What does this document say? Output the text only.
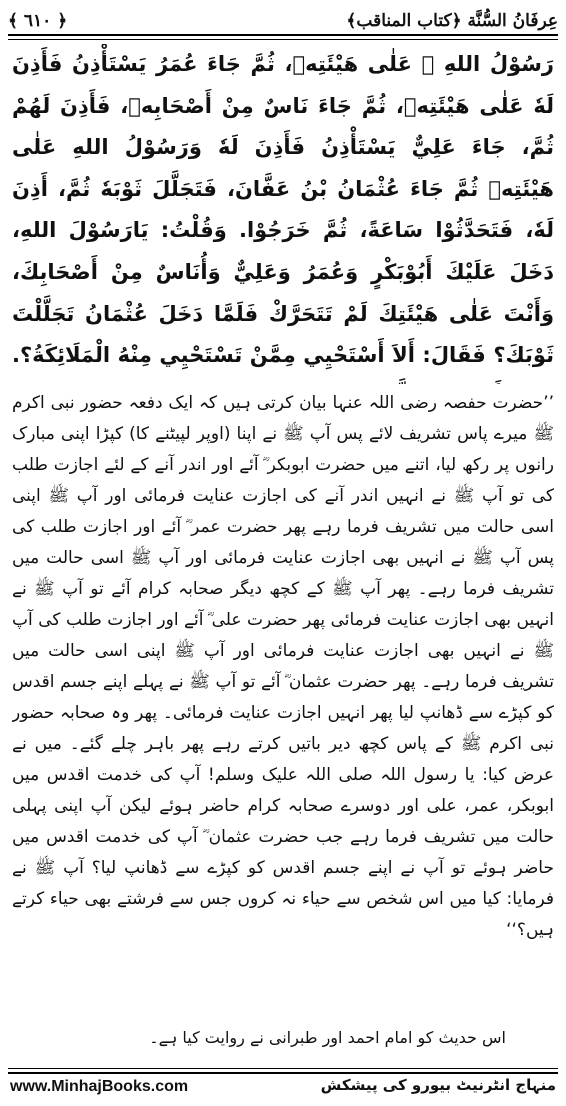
عِرفَانُ السُّنَّة ﴿كتاب المناقب﴾
﴾ ٦١٠ ﴿
رَسُوْلُ اللهِ ﷺ عَلٰى هَيْئَتِهٖ، ثُمَّ جَاءَ عُمَرُ يَسْتَأْذِنُ فَأَذِنَ لَهٗ عَلٰى هَيْئَتِهٖ، ثُمَّ جَاءَ نَاسٌ مِنْ أَصْحَابِهٖ، فَأَذِنَ لَهُمْ ثُمَّ، جَاءَ عَلِيٌّ يَسْتَأْذِنُ فَأَذِنَ لَهٗ وَرَسُوْلُ اللهِ عَلٰى هَيْئَتِهٖ ثُمَّ جَاءَ عُثْمَانُ بْنُ عَفَّانَ، فَتَجَلَّلَ ثَوْبَهٗ ثُمَّ، أَذِنَ لَهٗ، فَتَحَدَّثُوْا سَاعَةً، ثُمَّ خَرَجُوْا. وَقُلْتُ: يَارَسُوْلَ اللهِ، دَخَلَ عَلَيْكَ أَبُوْبَكْرٍ وَعُمَرُ وَعَلِيٌّ وَأُنَاسٌ مِنْ أَصْحَابِكَ، وَأَنْتَ عَلٰى هَيْئَتِكَ لَمْ تَتَحَرَّكْ فَلَمَّا دَخَلَ عُثْمَانُ تَجَلَّلْتَ ثَوْبَكَ؟ فَقَالَ: أَلاَ أَسْتَحْيِي مِمَّنْ تَسْتَحْيِي مِنْهُ الْمَلَائِكَةُ؟.
’’حضرت حفصہ رضی اللہ عنہا بیان کرتی ہیں کہ ایک دفعہ حضور نبی اکرم ﷺ میرے پاس تشریف لائے پس آپ ﷺ نے اپنا (اوپر لپیٹنے کا) کپڑا اپنی مبارک رانوں پر رکھ لیا، اتنے میں حضرت ابوبکر ؓ آئے اور اندر آنے کے لئے اجازت طلب کی تو آپ ﷺ نے انہیں اندر آنے کی اجازت عنایت فرمائی اور آپ ﷺ اپنی اسی حالت میں تشریف فرما رہے پھر حضرت عمر ؓ آئے اور اجازت طلب کی پس آپ ﷺ نے انہیں بھی اجازت عنایت فرمائی اور آپ ﷺ اسی حالت میں تشریف فرما رہے۔ پھر آپ ﷺ کے کچھ دیگر صحابہ کرام آئے تو آپ ﷺ نے انہیں بھی اجازت عنایت فرمائی پھر حضرت علی ؓ آئے اور اجازت طلب کی آپ ﷺ نے انہیں بھی اجازت عنایت فرمائی اور آپ ﷺ اپنی اسی حالت میں تشریف فرما رہے۔ پھر حضرت عثمان ؓ آئے تو آپ ﷺ نے پہلے اپنے جسم اقدس کو کپڑے سے ڈھانپ لیا پھر انہیں اجازت عنایت فرمائی۔ پھر وہ صحابہ حضور نبی اکرم ﷺ کے پاس کچھ دیر باتیں کرتے رہے پھر باہر چلے گئے۔ میں نے عرض کیا: یا رسول اللہ صلی اللہ علیک وسلم! آپ کی خدمت اقدس میں ابوبکر، عمر، علی اور دوسرے صحابہ کرام حاضر ہوئے لیکن آپ اپنی پہلی حالت میں تشریف فرما رہے جب حضرت عثمان ؓ آپ کی خدمت اقدس میں حاضر ہوئے تو آپ نے اپنے جسم اقدس کو کپڑے سے ڈھانپ لیا؟ آپ ﷺ نے فرمایا: کیا میں اس شخص سے حیاء نہ کروں جس سے فرشتے بھی حیاء کرتے ہیں؟‘‘
اس حدیث کو امام احمد اور طبرانی نے روایت کیا ہے۔
www.MinhajBooks.com	منہاج انٹرنیٹ بیورو کی پیشکش
